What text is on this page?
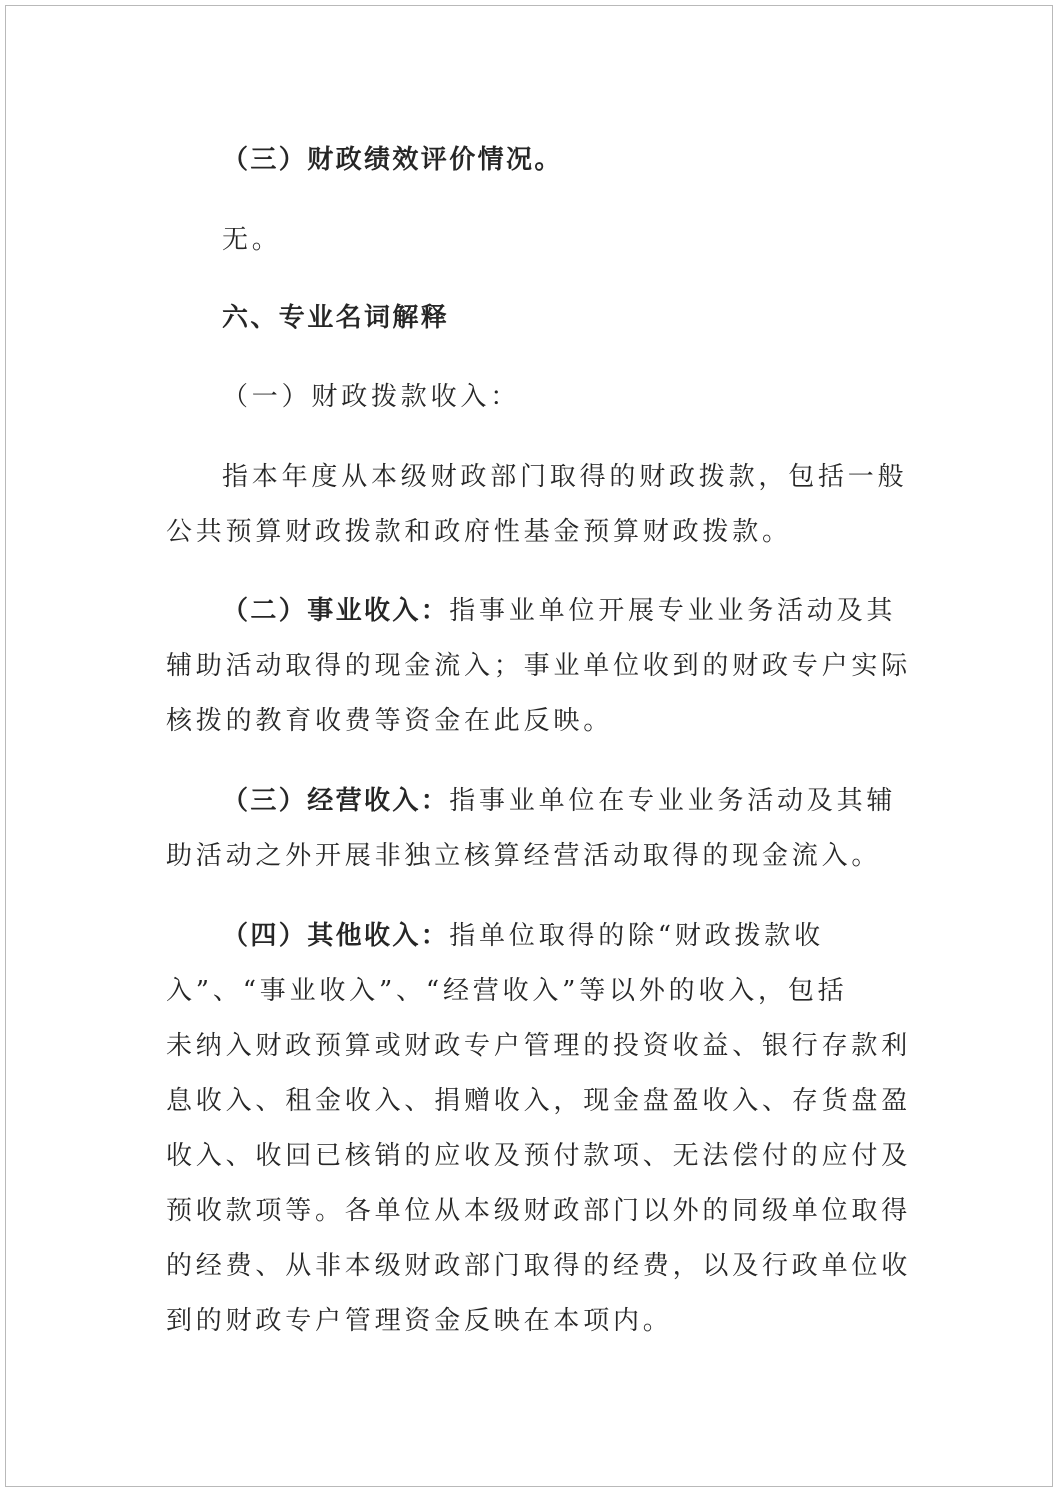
（三）财政绩效评价情况。

无。

六、专业名词解释

（一）财政拨款收入：

指本年度从本级财政部门取得的财政拨款，包括一般

公共预算财政拨款和政府性基金预算财政拨款。

（二）事业收入：指事业单位开展专业业务活动及其

辅助活动取得的现金流入；事业单位收到的财政专户实际

核拨的教育收费等资金在此反映。

（三）经营收入：指事业单位在专业业务活动及其辅

助活动之外开展非独立核算经营活动取得的现金流入。

（四）其他收入：指单位取得的除“财政拨款收

入”、“事业收入”、“经营收入”等以外的收入，包括

未纳入财政预算或财政专户管理的投资收益、银行存款利

息收入、租金收入、捐赠收入，现金盘盈收入、存货盘盈

收入、收回已核销的应收及预付款项、无法偿付的应付及

预收款项等。各单位从本级财政部门以外的同级单位取得

的经费、从非本级财政部门取得的经费，以及行政单位收

到的财政专户管理资金反映在本项内。
